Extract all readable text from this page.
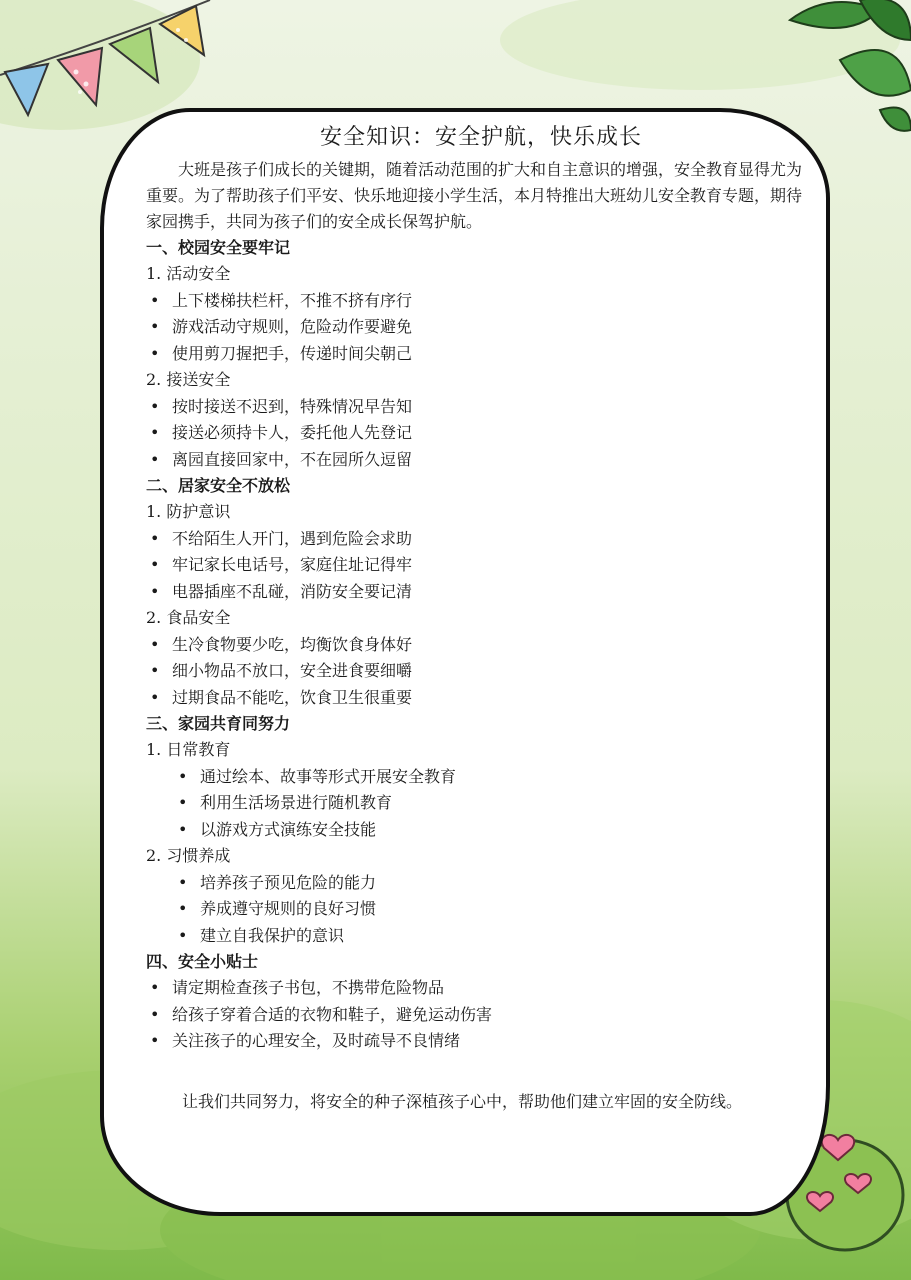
安全知识：安全护航，快乐成长

大班是孩子们成长的关键期，随着活动范围的扩大和自主意识的增强，安全教育显得尤为重要。为了帮助孩子们平安、快乐地迎接小学生活，本月特推出大班幼儿安全教育专题，期待家园携手，共同为孩子们的安全成长保驾护航。

一、校园安全要牢记

1. 活动安全

• 上下楼梯扶栏杆，不推不挤有序行

• 游戏活动守规则，危险动作要避免

• 使用剪刀握把手，传递时间尖朝己

2. 接送安全

• 按时接送不迟到，特殊情况早告知

• 接送必须持卡人，委托他人先登记

• 离园直接回家中，不在园所久逗留

二、居家安全不放松

1. 防护意识

• 不给陌生人开门，遇到危险会求助

• 牢记家长电话号，家庭住址记得牢

• 电器插座不乱碰，消防安全要记清

2. 食品安全

• 生冷食物要少吃，均衡饮食身体好

• 细小物品不放口，安全进食要细嚼

• 过期食品不能吃，饮食卫生很重要

三、家园共育同努力

1. 日常教育

• 通过绘本、故事等形式开展安全教育

• 利用生活场景进行随机教育

• 以游戏方式演练安全技能

2. 习惯养成

• 培养孩子预见危险的能力

• 养成遵守规则的良好习惯

• 建立自我保护的意识

四、安全小贴士

• 请定期检查孩子书包，不携带危险物品

• 给孩子穿着合适的衣物和鞋子，避免运动伤害

• 关注孩子的心理安全，及时疏导不良情绪

让我们共同努力，将安全的种子深植孩子心中，帮助他们建立牢固的安全防线。
